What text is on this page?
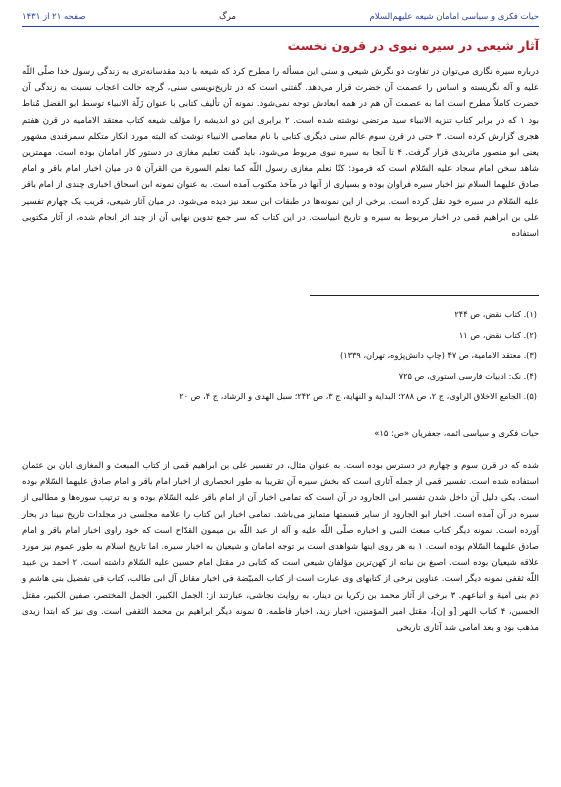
حیات فکری و سیاسی امامان شیعه علیهم‌السلام
مرگ
صفحه ۲۱ از ۱۴۳۱
آثار شیعی در سیره نبوی در قرون نخست

درباره سیره نگاری می‌توان در تفاوت دو نگرش شیعی و سنی این مسأله را مطرح کرد که شیعه با دید مقدسانه‌تری به زندگی رسول خدا صلّی اللّه علیه و آله نگریسته و اساس را عصمت آن حضرت قرار می‌دهد. گفتنی است که در تاریخ‌نویسی سنی، گرچه حالت اعجاب نسبت به زندگی آن حضرت کاملاً مطرح است اما به عصمت آن هم در همه ابعادش توجه نمی‌شود. نمونه آن تألیف کتابی با عنوان زَلّة الانبیاء توسط ابو الفضل مُناط بود ۱ که در برابر کتاب تنزیه الانبیاء سید مرتضی نوشته شده است. ۲ برابری این دو اندیشه را مؤلف شیعه کتاب معتقد الامامیه در قرن هفتم هجری گزارش کرده است. ۳ حتی در قرن سوم عالم سنی دیگری کتابی با نام معاصی الانبیاء نوشت که البته مورد انکار متکلم سمرقندی مشهور یعنی ابو منصور ماتریدی قرار گرفت. ۴ تا آنجا به سیره نبوی مربوط می‌شود، باید گفت تعلیم مغازی در دستور کار امامان بوده است. مهمترین شاهد سخن امام سجاد علیه السّلام است که فرمود: کنّا نعلم مغازی رسول اللّه کما نعلم السورة من القرآن ۵ در میان اخبار امام باقر و امام صادق علیهما السلام نیز اخبار سیره فراوان بوده و بسیاری از آنها در مآخذ مکتوب آمده است. به عنوان نمونه ابن اسحاق اخباری چندی از امام باقر علیه السّلام در سیره خود نقل کرده است. برخی از این نمونه‌ها در طبقات ابن سعد نیز دیده می‌شود. در میان آثار شیعی، قریب یک چهارم تفسیر علی بن ابراهیم قمی در اخبار مربوط به سیره و تاریخ انبیاست. در این کتاب که سر جمع تدوین نهایی آن از چند اثر انجام شده، از آثار مکتوبی استفاده

(۱). کتاب نقض، ص ۲۴۴
(۲). کتاب نقض، ص ۱۱
(۳). معتقد الامامیة، ص ۴۷ (چاپ دانش‌پژوه، تهران، ۱۳۳۹)
(۴). نک: ادبیات فارسی استوری، ص ۷۲۵
(۵). الجامع الاخلاق الراوی، ج ۲، ص ۲۸۸؛ البدایة و النهایة، ج ۳، ص ۲۴۲؛ سبل الهدی و الرشاد، ج ۴، ص ۲۰
حیات فکری و سیاسی ائمه، جعفریان «ص: ۱۵»

شده که در قرن سوم و چهارم در دسترس بوده است. به عنوان مثال، در تفسیر علی بن ابراهیم قمی از کتاب المبعث و المغازی ابان بن عثمان استفاده شده است. تفسیر قمی از جمله آثاری است که بخش سیره آن تقریبا به طور انحصاری از اخبار امام باقر و امام صادق علیهما السّلام بوده است. یکی دلیل آن داخل شدن تفسیر ابی الجارود در آن است که تمامی اخبار آن از امام باقر علیه السّلام بوده و به ترتیب سوره‌ها و مطالبی از سیره در آن آمده است. اخبار ابو الجارود از سایر قسمتها متمایز می‌باشد. تمامی اخبار این کتاب را علامه مجلسی در مجلدات تاریخ نبینا در بحار آورده است. نمونه دیگر کتاب مبعث النبی و اخباره صلّی اللّه علیه و آله از عبد اللّه بن میمون القدّاح است که خود راوی اخبار امام باقر و امام صادق علیهما السّلام بوده است. ۱ به هر روی اینها شواهدی است بر توجه امامان و شیعیان به اخبار سیره. اما تاریخ اسلام به طور عموم نیز مورد علاقه شیعیان بوده است. اصبغ بن نباته از کهن‌ترین مؤلفان شیعی است که کتابی در مقتل امام حسین علیه السّلام داشته است. ۲ احمد بن عبید اللّه ثقفی نمونه دیگر است. عناوین برخی از کتابهای وی عبارت است از کتاب المبیّضة فی اخبار مقاتل آل ابی طالب، کتاب فی تفضیل بنی هاشم و ذم بنی امیة و اتباعهم. ۳ برخی از آثار محمد بن زکریا بن دینار، به روایت نجاشی، عبارتند از: الجمل الکبیر، الجمل المختصر، صفین الکبیر، مقتل الحسین، ۴ کتاب النهر [و إن]، مقتل امیر المؤمنین، اخبار زید، اخبار فاطمه. ۵ نمونه دیگر ابراهیم بن محمد الثقفی است. وی نیز که ابتدا زیدی مذهب بود و بعد امامی شد آثاری تاریخی
